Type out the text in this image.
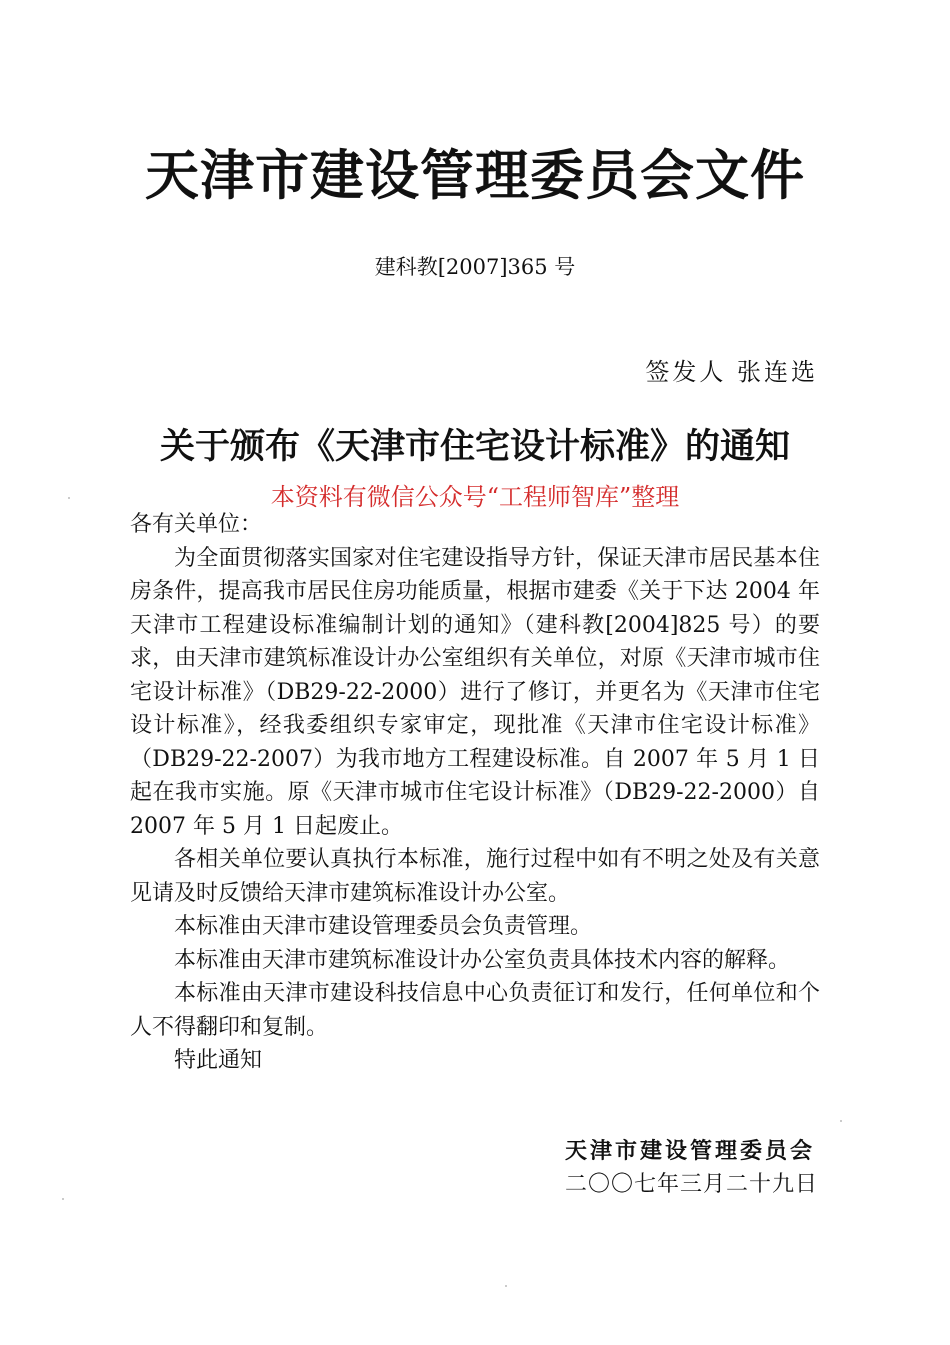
天津市建设管理委员会文件
建科教[2007]365 号
签发人 张连选
关于颁布《天津市住宅设计标准》的通知
本资料有微信公众号“工程师智库”整理

各有关单位：

为全面贯彻落实国家对住宅建设指导方针，保证天津市居民基本住房条件，提高我市居民住房功能质量，根据市建委《关于下达 2004 年天津市工程建设标准编制计划的通知》（建科教[2004]825 号）的要求，由天津市建筑标准设计办公室组织有关单位，对原《天津市城市住宅设计标准》（DB29-22-2000）进行了修订，并更名为《天津市住宅设计标准》，经我委组织专家审定，现批准《天津市住宅设计标准》（DB29-22-2007）为我市地方工程建设标准。自 2007 年 5 月 1 日起在我市实施。原《天津市城市住宅设计标准》（DB29-22-2000）自 2007 年 5 月 1 日起废止。

各相关单位要认真执行本标准，施行过程中如有不明之处及有关意见请及时反馈给天津市建筑标准设计办公室。

本标准由天津市建设管理委员会负责管理。

本标准由天津市建筑标准设计办公室负责具体技术内容的解释。

本标准由天津市建设科技信息中心负责征订和发行，任何单位和个人不得翻印和复制。

特此通知

天津市建设管理委员会
二〇〇七年三月二十九日
